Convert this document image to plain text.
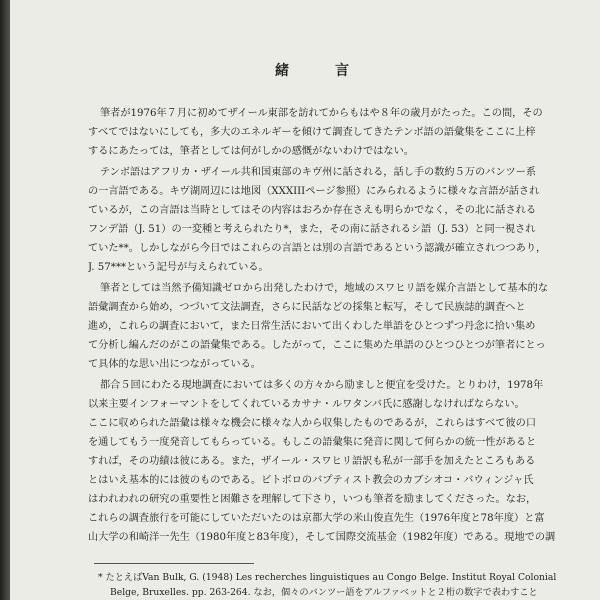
緒　言
筆者が1976年７月に初めてザイール東部を訪れてからもはや８年の歳月がたった。この間，その
すべてではないにしても，多大のエネルギーを傾けて調査してきたテンボ語の語彙集をここに上梓
するにあたっては，筆者としては何がしかの感慨がないわけではない。
テンボ語はアフリカ・ザイール共和国東部のキヴ州に話される，話し手の数約５万のバンツー系
の一言語である。キヴ湖周辺には地図（XXXIIIページ参照）にみられるように様々な言語が話され
ているが，この言語は当時としてはその内容はおろか存在さえも明らかでなく，その北に話される
フンデ語（J. 51）の一変種と考えられたり*，また，その南に話されるシ語（J. 53）と同一視され
ていた**。しかしながら今日ではこれらの言語とは別の言語であるという認識が確立されつつあり，
J. 57***という記号が与えられている。
筆者としては当然予備知識ゼロから出発したわけで，地域のスワヒリ語を媒介言語として基本的な
語彙調査から始め，つづいて文法調査，さらに民話などの採集と転写，そして民族誌的調査へと
進め，これらの調査において，また日常生活において出くわした単語をひとつずつ丹念に拾い集め
て分析し編んだのがこの語彙集である。したがって，ここに集めた単語のひとつひとつが筆者にとっ
て具体的な思い出につながっている。
都合５回にわたる現地調査においては多くの方々から励ましと便宜を受けた。とりわけ，1978年
以来主要インフォーマントをしてくれているカサナ・ルワタンバ氏に感謝しなければならない。
ここに収められた語彙は様々な機会に様々な人から収集したものであるが，これらはすべて彼の口
を通してもう一度発音してもらっている。もしこの語彙集に発音に関して何らかの統一性があると
すれば，その功績は彼にある。また，ザイール・スワヒリ語訳も私が一部手を加えたところもある
とはいえ基本的には彼のものである。ビトボロのバプティスト教会のカブシオコ・バウィンジャ氏
はわれわれの研究の重要性と困難さを理解して下さり，いつも筆者を励ましてくださった。なお，
これらの調査旅行を可能にしていただいたのは京都大学の米山俊直先生（1976年度と78年度）と富
山大学の和崎洋一先生（1980年度と83年度），そして国際交流基金（1982年度）である。現地での調
* たとえばVan Bulk, G. (1948) Les recherches linguistiques au Congo Belge. Institut Royal Colonial
Belge, Bruxelles. pp. 263-264. なお，個々のバンツー語をアルファベットと２桁の数字で表わすこと
